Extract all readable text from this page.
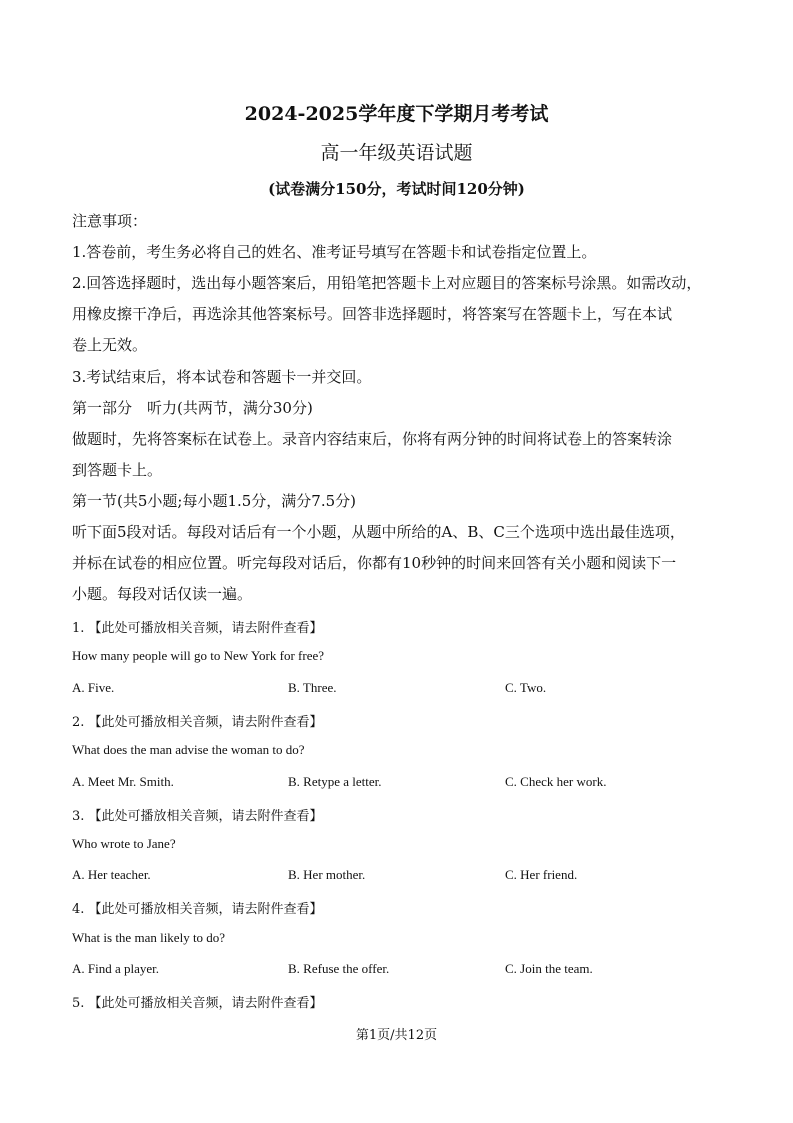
2024-2025学年度下学期月考考试
高一年级英语试题
(试卷满分150分，考试时间120分钟)
注意事项：
1.答卷前，考生务必将自己的姓名、准考证号填写在答题卡和试卷指定位置上。
2.回答选择题时，选出每小题答案后，用铅笔把答题卡上对应题目的答案标号涂黑。如需改动，
用橡皮擦干净后，再选涂其他答案标号。回答非选择题时，将答案写在答题卡上，写在本试
卷上无效。
3.考试结束后，将本试卷和答题卡一并交回。
第一部分　听力(共两节，满分30分)
做题时，先将答案标在试卷上。录音内容结束后，你将有两分钟的时间将试卷上的答案转涂
到答题卡上。
第一节(共5小题;每小题1.5分，满分7.5分)
听下面5段对话。每段对话后有一个小题，从题中所给的A、B、C三个选项中选出最佳选项，
并标在试卷的相应位置。听完每段对话后，你都有10秒钟的时间来回答有关小题和阅读下一
小题。每段对话仅读一遍。
1. 【此处可播放相关音频，请去附件查看】
How many people will go to New York for free?
A. Five.	B. Three.	C. Two.
2. 【此处可播放相关音频，请去附件查看】
What does the man advise the woman to do?
A. Meet Mr. Smith.	B. Retype a letter.	C. Check her work.
3. 【此处可播放相关音频，请去附件查看】
Who wrote to Jane?
A. Her teacher.	B. Her mother.	C. Her friend.
4. 【此处可播放相关音频，请去附件查看】
What is the man likely to do?
A. Find a player.	B. Refuse the offer.	C. Join the team.
5. 【此处可播放相关音频，请去附件查看】
第1页/共12页
